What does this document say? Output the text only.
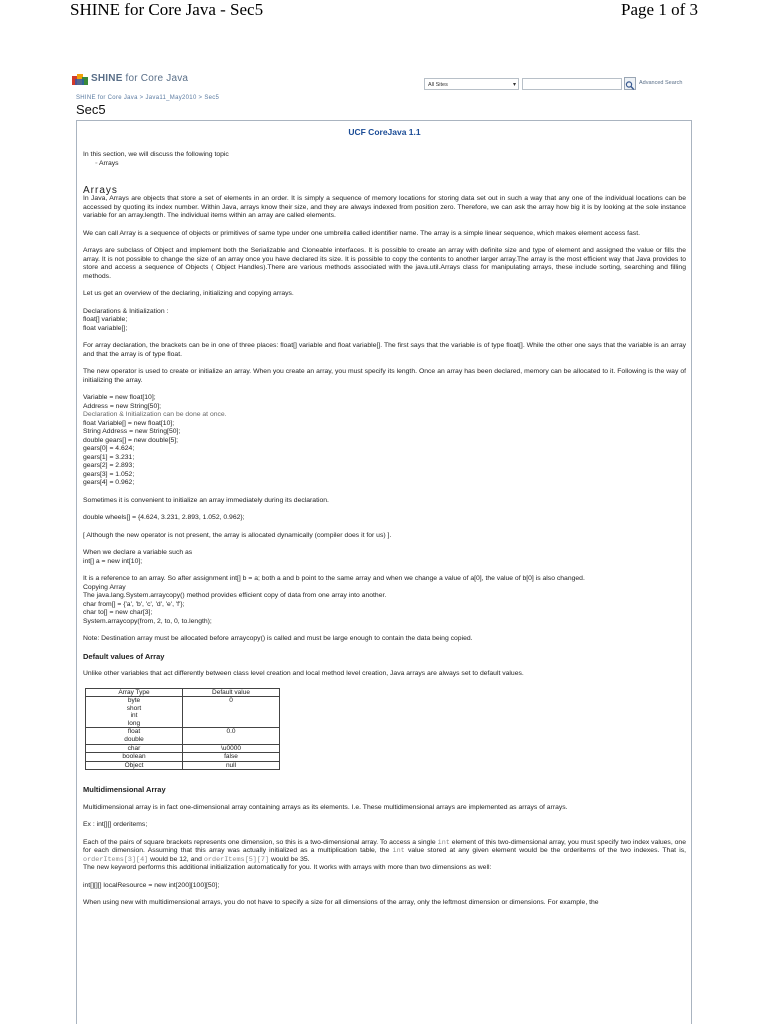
SHINE for Core Java - Sec5	Page 1 of 3
SHINE for Core Java
All Sites	▾	Advanced Search
SHINE for Core Java > Java11_May2010 > Sec5
Sec5
UCF CoreJava 1.1

In this section, we will discuss the following topic

◦ Arrays
Arrays

In Java, Arrays are objects that store a set of elements in an order. It is simply a sequence of memory locations for storing data set out in such a way that any one of the individual locations can be accessed by quoting its index number. Within Java, arrays know their size, and they are always indexed from position zero. Therefore, we can ask the array how big it is by looking at the sole instance variable for an array.length. The individual items within an array are called elements.

We can call Array is a sequence of objects or primitives of same type under one umbrella called identifier name. The array is a simple linear sequence, which makes element access fast.

Arrays are subclass of Object and implement both the Serializable and Cloneable interfaces. It is possible to create an array with definite size and type of element and assigned the value or fills the array. It is not possible to change the size of an array once you have declared its size. It is possible to copy the contents to another larger array.The array is the most efficient way that Java provides to store and access a sequence of Objects ( Object Handles).There are various methods associated with the java.util.Arrays class for manipulating arrays, these include sorting, searching and filling methods.

Let us get an overview of the declaring, initializing and copying arrays.

Declarations & Initialization :

float[] variable;

float variable[];

For array declaration, the brackets can be in one of three places: float[] variable and float variable[]. The first says that the variable is of type float[]. While the other one says that the variable is an array and that the array is of type float.

The new operator is used to create or initialize an array. When you create an array, you must specify its length. Once an array has been declared, memory can be allocated to it. Following is the way of initializing the array.

Variable = new float[10];

Address = new String[50];

Declaration & Initialization can be done at once.

float Variable[] = new float[10];

String Address = new String[50];

double gears[] = new double[5];

gears[0] = 4.624;

gears[1] = 3.231;

gears[2] = 2.893;

gears[3] = 1.052;

gears[4] = 0.962;

Sometimes it is convenient to initialize an array immediately during its declaration.

double wheels[] = {4.624, 3.231, 2.893, 1.052, 0.962};

[ Although the new operator is not present, the array is allocated dynamically (compiler does it for us) ].

When we declare a variable such as

int[] a = new int[10];

It is a reference to an array. So after assignment int[] b = a; both a and b point to the same array and when we change a value of a[0], the value of b[0] is also changed.

Copying Array

The java.lang.System.arraycopy() method provides efficient copy of data from one array into another.

char from[] = {'a', 'b', 'c', 'd', 'e', 'f'};

char to[] = new char[3];

System.arraycopy(from, 2, to, 0, to.length);

Note: Destination array must be allocated before arraycopy() is called and must be large enough to contain the data being copied.

Default values of Array

Unlike other variables that act differently between class level creation and local method level creation, Java arrays are always set to default values.

Array Type	Default value
byte
short
int
long	0
float
double	0.0
char	\u0000
boolean	false
Object	null
Multidimensional Array

Multidimensional array is in fact one-dimensional array containing arrays as its elements. I.e. These multidimensional arrays are implemented as arrays of arrays.

Ex : int[][] orderitems;

Each of the pairs of square brackets represents one dimension, so this is a two-dimensional array. To access a single int element of this two-dimensional array, you must specify two index values, one for each dimension. Assuming that this array was actually initialized as a multiplication table, the int value stored at any given element would be the orderitems of the two indexes. That is, orderItems[3][4] would be 12, and orderItems[5][7] would be 35.

The new keyword performs this additional initialization automatically for you. It works with arrays with more than two dimensions as well:

int[][][] localResource = new int[200][100][50];

When using new with multidimensional arrays, you do not have to specify a size for all dimensions of the array, only the leftmost dimension or dimensions. For example, the
